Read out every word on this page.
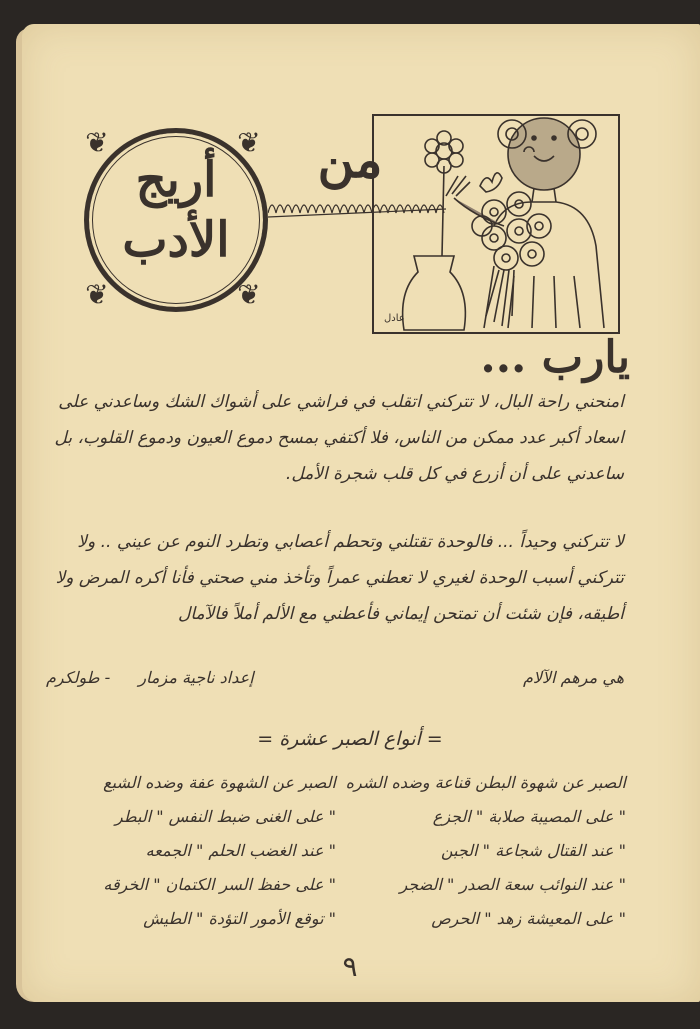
أريج
الأدب
❦	❦
❦	❦
من
عادل
يارب ...
امنحني راحة البال، لا تتركني اتقلب في فراشي على أشواك الشك وساعدني على اسعاد أكبر عدد ممكن من الناس، فلا أكتفي بمسح دموع العيون ودموع القلوب، بل ساعدني على أن أزرع في كل قلب شجرة الأمل.
لا تتركني وحيداً ... فالوحدة تقتلني وتحطم أعصابي وتطرد النوم عن عيني .. ولا تتركني أسبب الوحدة لغيري لا تعطني عمراً وتأخذ مني صحتي فأنا أكره المرض ولا أطيقه، فإن شئت أن تمتحن إيماني فأعطني مع الألم أملاً فالآمال
هي مرهم الآلام
إعداد ناجية مزمار
- طولكرم
= أنواع الصبر عشرة =
الصبر عن شهوة البطن قناعة وضده الشره
الصبر عن الشهوة عفة وضده الشبع
" على المصيبة صلابة " الجزع
" على الغنى ضبط النفس " البطر
" عند القتال شجاعة " الجبن
" عند الغضب الحلم " الجمعه
" عند النوائب سعة الصدر " الضجر
" على حفظ السر الكتمان " الخرقه
" على المعيشة زهد " الحرص
" توقع الأمور التؤدة " الطيش
٩
